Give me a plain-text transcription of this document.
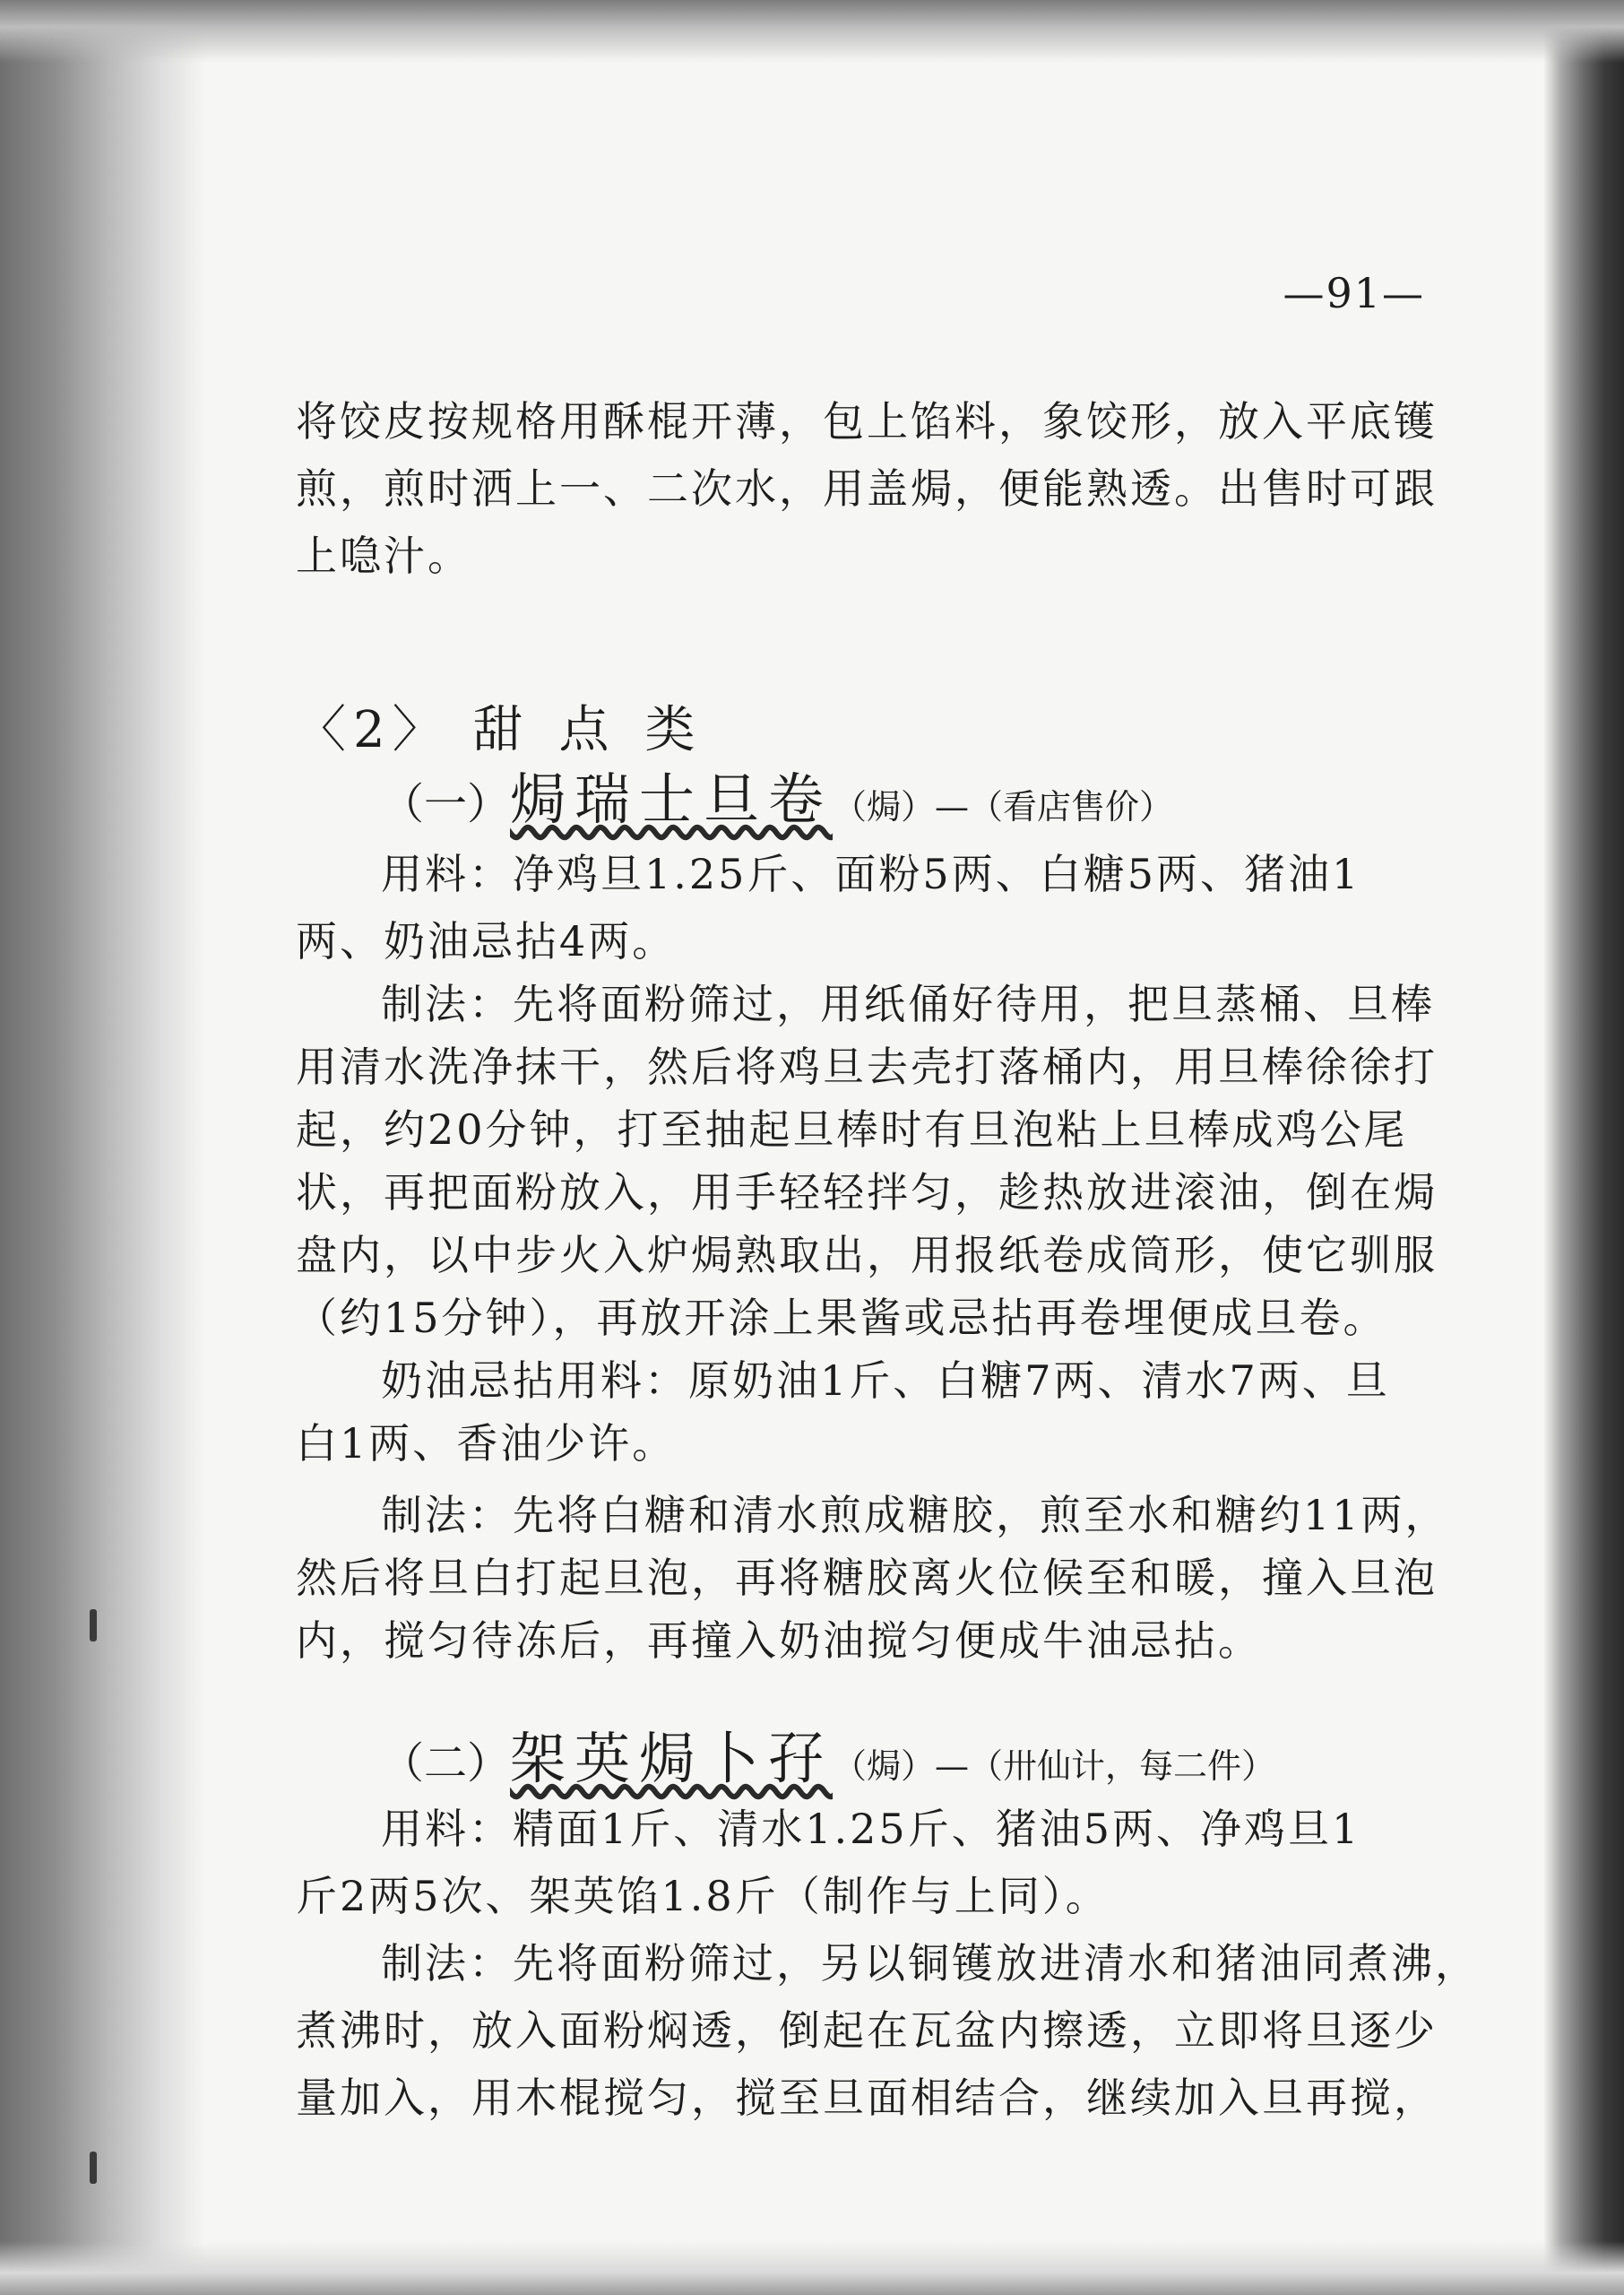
—91—
将饺皮按规格用酥棍开薄，包上馅料，象饺形，放入平底镬
煎，煎时洒上一、二次水，用盖焗，便能熟透。出售时可跟
上喼汁。
〈2〉 甜点类
（一）焗瑞士旦卷（焗）—（看店售价）
用料：净鸡旦1.25斤、面粉5两、白糖5两、猪油1
两、奶油忌拈4两。
制法：先将面粉筛过，用纸俑好待用，把旦蒸桶、旦棒
用清水洗净抹干，然后将鸡旦去壳打落桶内，用旦棒徐徐打
起，约20分钟，打至抽起旦棒时有旦泡粘上旦棒成鸡公尾
状，再把面粉放入，用手轻轻拌匀，趁热放进滚油，倒在焗
盘内，以中步火入炉焗熟取出，用报纸卷成筒形，使它驯服
（约15分钟），再放开涂上果酱或忌拈再卷埋便成旦卷。
奶油忌拈用料：原奶油1斤、白糖7两、清水7两、旦
白1两、香油少许。
制法：先将白糖和清水煎成糖胶，煎至水和糖约11两，
然后将旦白打起旦泡，再将糖胶离火位候至和暖，撞入旦泡
内，搅匀待冻后，再撞入奶油搅匀便成牛油忌拈。
（二）架英焗卜孖（焗）—（卅仙计，每二件）
用料：精面1斤、清水1.25斤、猪油5两、净鸡旦1
斤2两5次、架英馅1.8斤（制作与上同）。
制法：先将面粉筛过，另以铜镬放进清水和猪油同煮沸，
煮沸时，放入面粉焖透，倒起在瓦盆内擦透，立即将旦逐少
量加入，用木棍搅匀，搅至旦面相结合，继续加入旦再搅，
